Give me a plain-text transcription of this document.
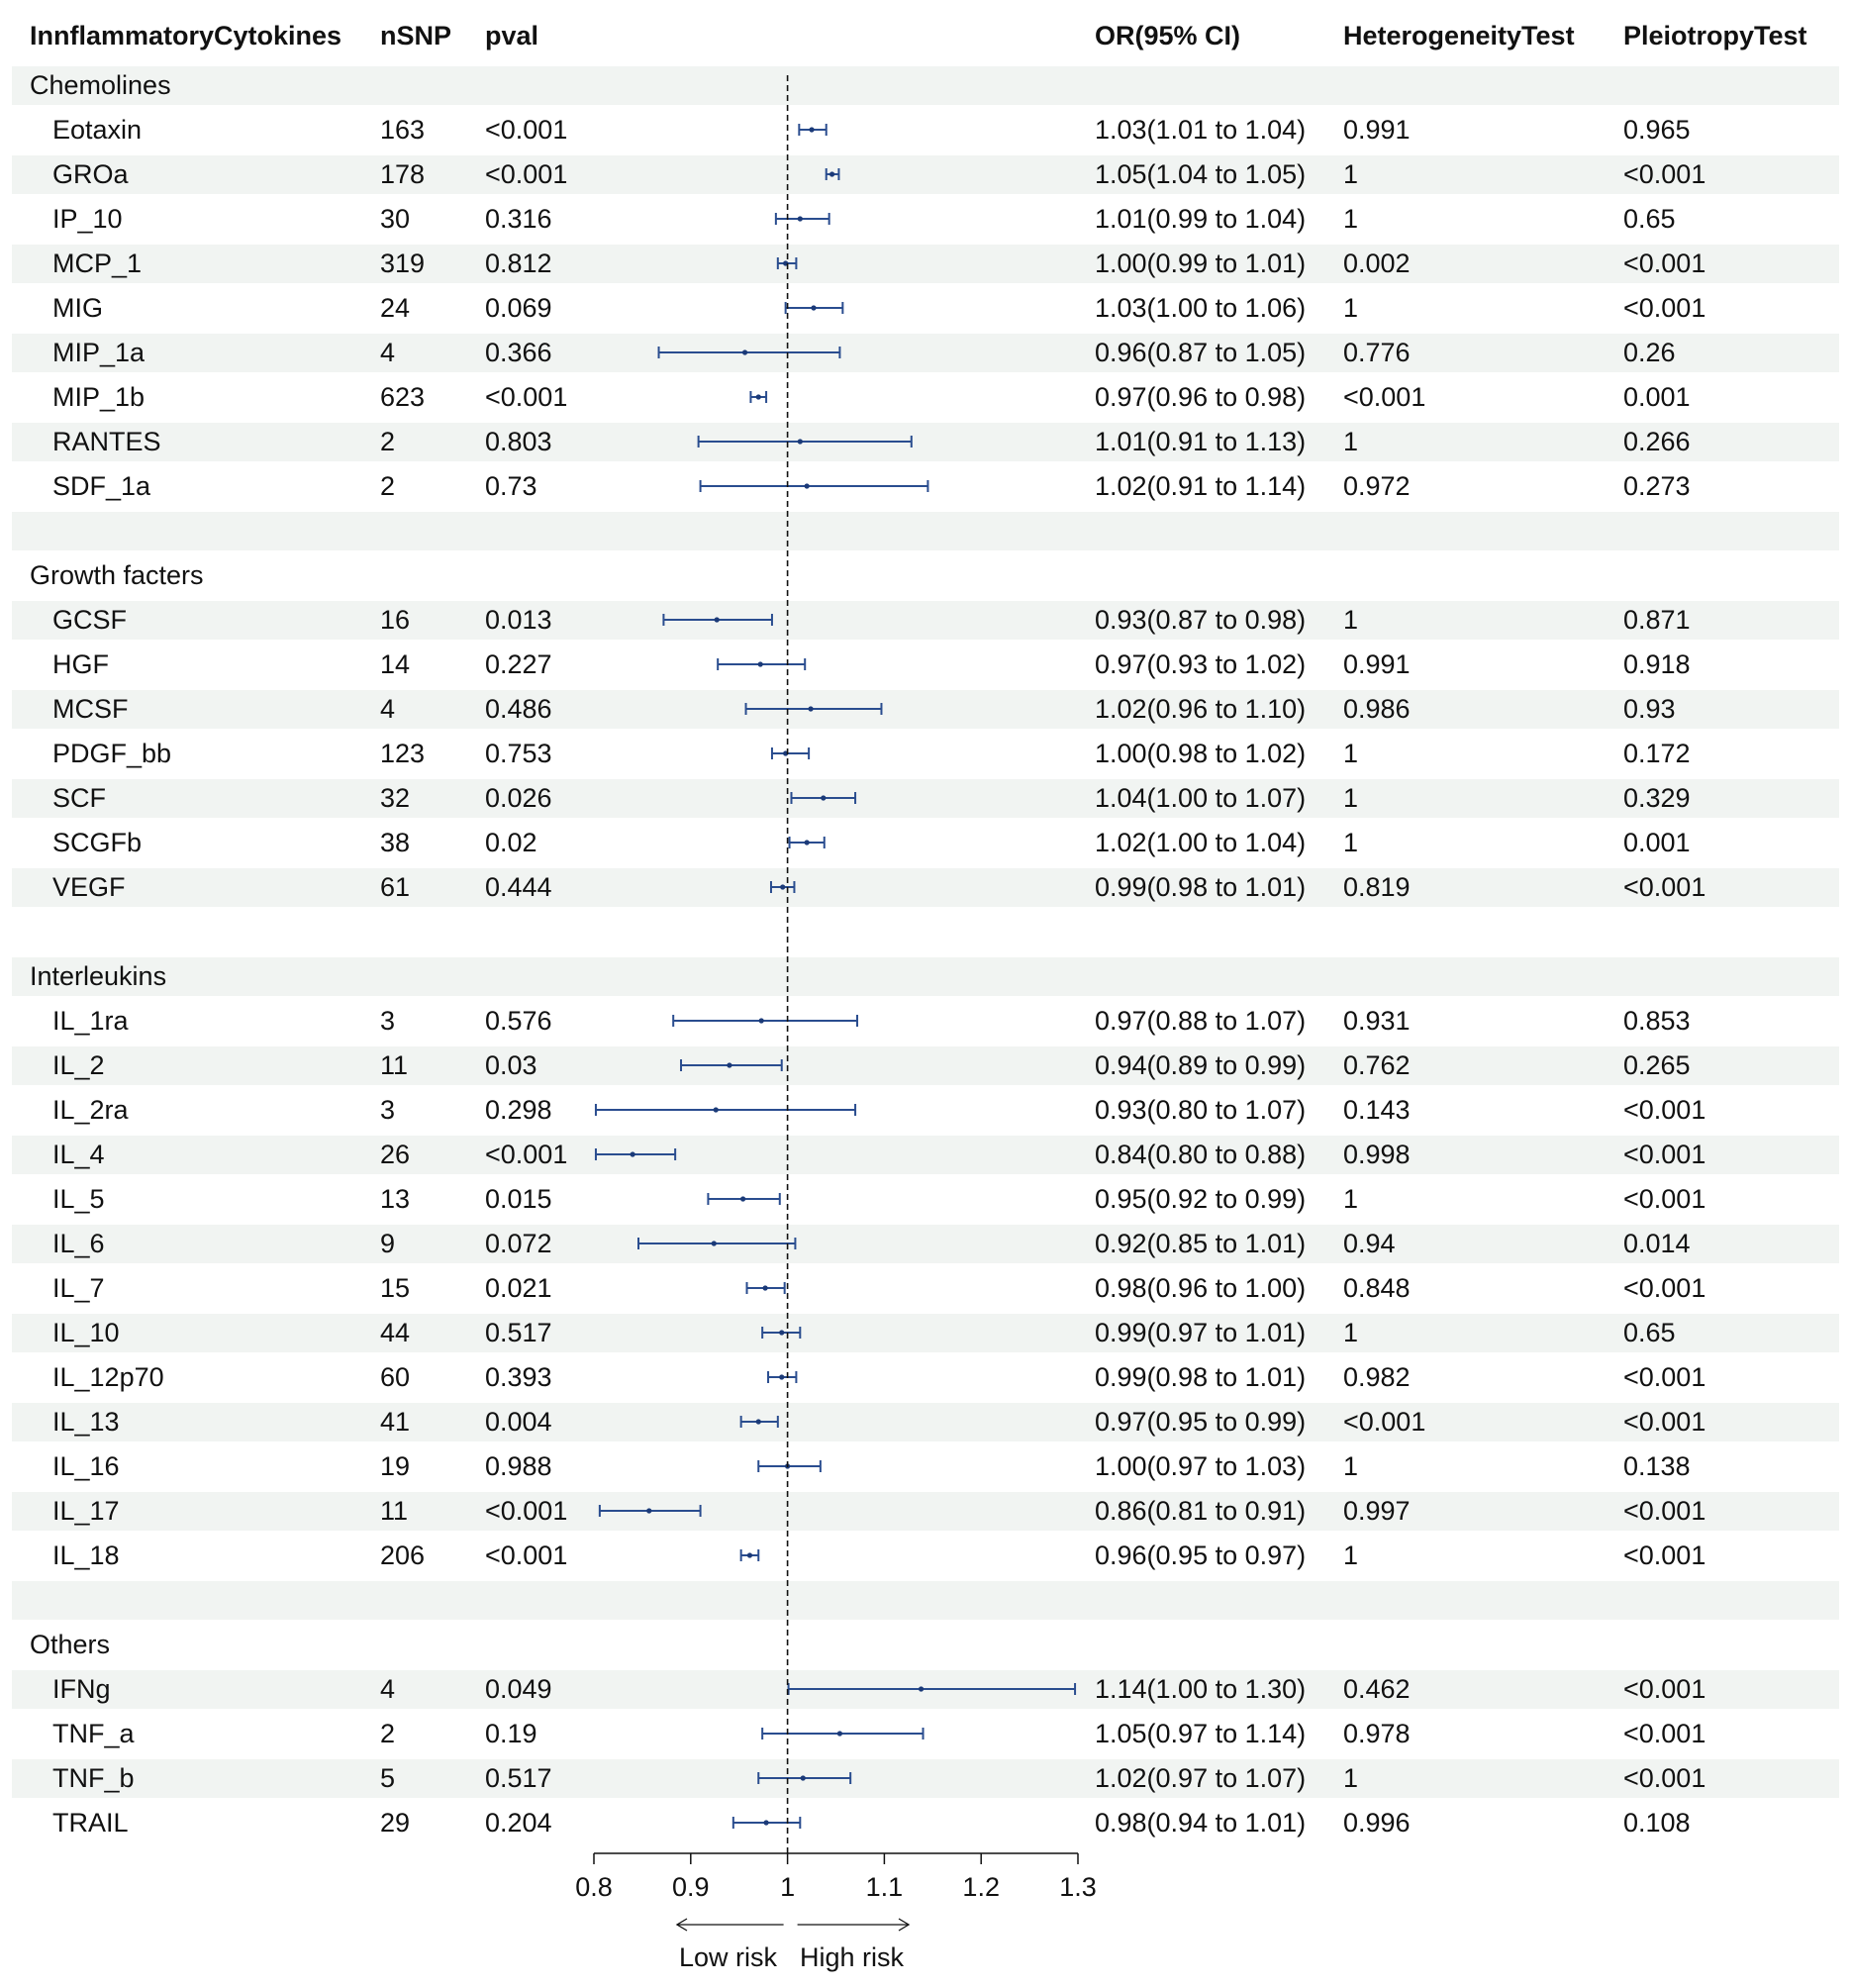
InnflammatoryCytokines nSNP pval	OR(95% CI)	HeterogeneityTest PleiotropyTest
Chemolines
Eotaxin	163 <0.001	1.03(1.01 to 1.04) 0.991	0.965
GROa	178 <0.001	1.05(1.04 to 1.05) 1	<0.001
IP_10	30	0.316	1.01(0.99 to 1.04) 1	0.65
MCP_1	319 0.812	1.00(0.99 to 1.01) 0.002	<0.001
MIG	24	0.069	1.03(1.00 to 1.06) 1	<0.001
MIP_1a	4	0.366	0.96(0.87 to 1.05) 0.776	0.26
MIP_1b	623 <0.001	0.97(0.96 to 0.98) <0.001	0.001
RANTES	2	0.803	1.01(0.91 to 1.13) 1	0.266
SDF_1a	2	0.73	1.02(0.91 to 1.14) 0.972	0.273
Growth facters
GCSF	16	0.013	0.93(0.87 to 0.98) 1	0.871
HGF	14	0.227	0.97(0.93 to 1.02) 0.991	0.918
MCSF	4	0.486	1.02(0.96 to 1.10) 0.986	0.93
PDGF_bb	123 0.753	1.00(0.98 to 1.02) 1	0.172
SCF	32	0.026	1.04(1.00 to 1.07) 1	0.329
SCGFb	38	0.02	1.02(1.00 to 1.04) 1	0.001
VEGF	61	0.444	0.99(0.98 to 1.01) 0.819	<0.001
Interleukins
IL_1ra	3	0.576	0.97(0.88 to 1.07) 0.931	0.853
IL_2	11	0.03	0.94(0.89 to 0.99) 0.762	0.265
IL_2ra	3	0.298	0.93(0.80 to 1.07) 0.143	<0.001
IL_4	26	<0.001	0.84(0.80 to 0.88) 0.998	<0.001
IL_5	13	0.015	0.95(0.92 to 0.99) 1	<0.001
IL_6	9	0.072	0.92(0.85 to 1.01) 0.94	0.014
IL_7	15	0.021	0.98(0.96 to 1.00) 0.848	<0.001
IL_10	44	0.517	0.99(0.97 to 1.01) 1	0.65
IL_12p70	60	0.393	0.99(0.98 to 1.01) 0.982	<0.001
IL_13	41	0.004	0.97(0.95 to 0.99) <0.001	<0.001
IL_16	19	0.988	1.00(0.97 to 1.03) 1	0.138
IL_17	11	<0.001	0.86(0.81 to 0.91) 0.997	<0.001
IL_18	206 <0.001	0.96(0.95 to 0.97) 1	<0.001
Others
IFNg	4	0.049	1.14(1.00 to 1.30) 0.462	<0.001
TNF_a	2	0.19	1.05(0.97 to 1.14) 0.978	<0.001
TNF_b	5	0.517	1.02(0.97 to 1.07) 1	<0.001
TRAIL	29	0.204	0.98(0.94 to 1.01) 0.996	0.108
0.8 0.9	1	1.1 1.2 1.3
Low risk High risk
